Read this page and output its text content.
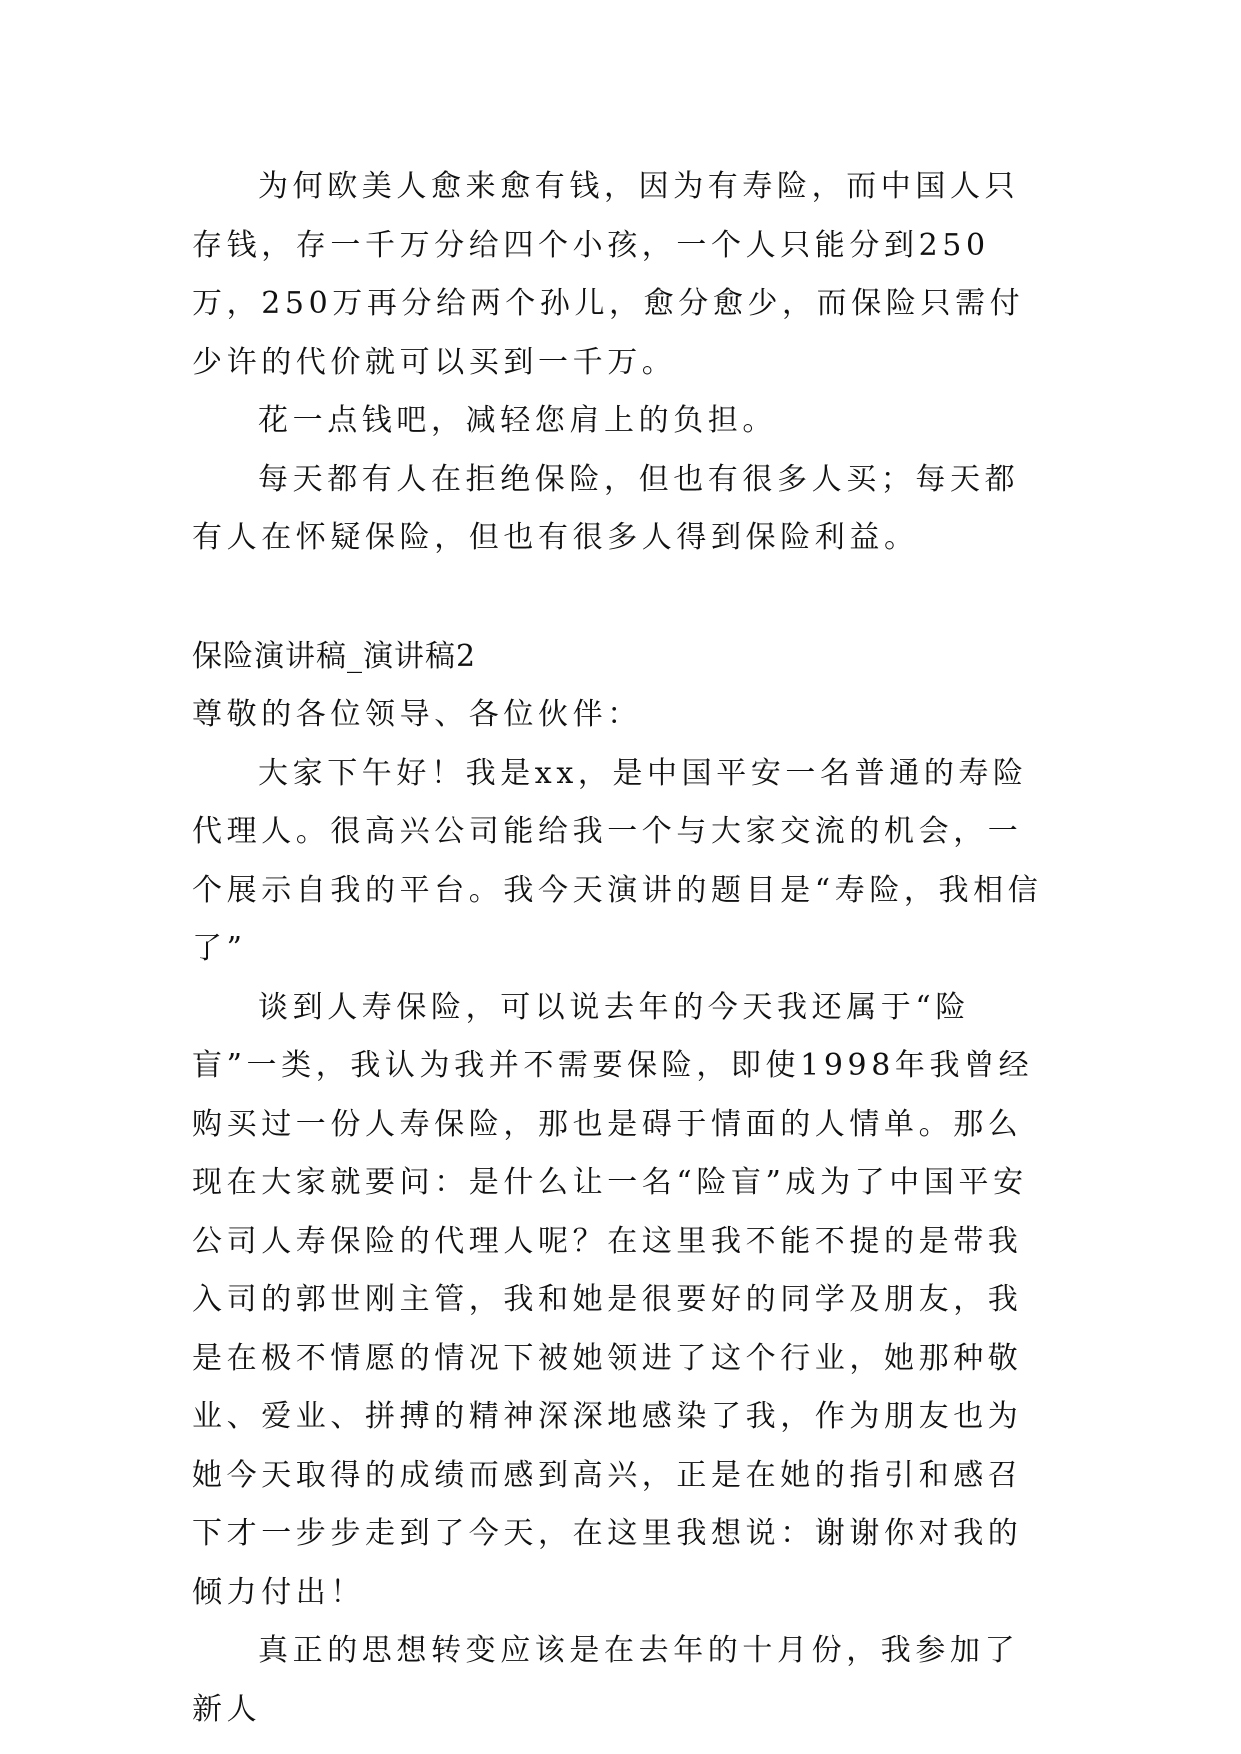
为何欧美人愈来愈有钱，因为有寿险，而中国人只存钱，存一千万分给四个小孩，一个人只能分到250万，250万再分给两个孙儿，愈分愈少，而保险只需付少许的代价就可以买到一千万。

花一点钱吧，减轻您肩上的负担。

每天都有人在拒绝保险，但也有很多人买；每天都有人在怀疑保险，但也有很多人得到保险利益。

保险演讲稿_演讲稿2

尊敬的各位领导、各位伙伴：

大家下午好！我是xx，是中国平安一名普通的寿险代理人。很高兴公司能给我一个与大家交流的机会，一个展示自我的平台。我今天演讲的题目是“寿险，我相信了”

谈到人寿保险，可以说去年的今天我还属于“险盲”一类，我认为我并不需要保险，即使1998年我曾经购买过一份人寿保险，那也是碍于情面的人情单。那么现在大家就要问：是什么让一名“险盲”成为了中国平安公司人寿保险的代理人呢？在这里我不能不提的是带我入司的郭世刚主管，我和她是很要好的同学及朋友，我是在极不情愿的情况下被她领进了这个行业，她那种敬业、爱业、拼搏的精神深深地感染了我，作为朋友也为她今天取得的成绩而感到高兴，正是在她的指引和感召下才一步步走到了今天，在这里我想说：谢谢你对我的倾力付出！

真正的思想转变应该是在去年的十月份，我参加了新人
